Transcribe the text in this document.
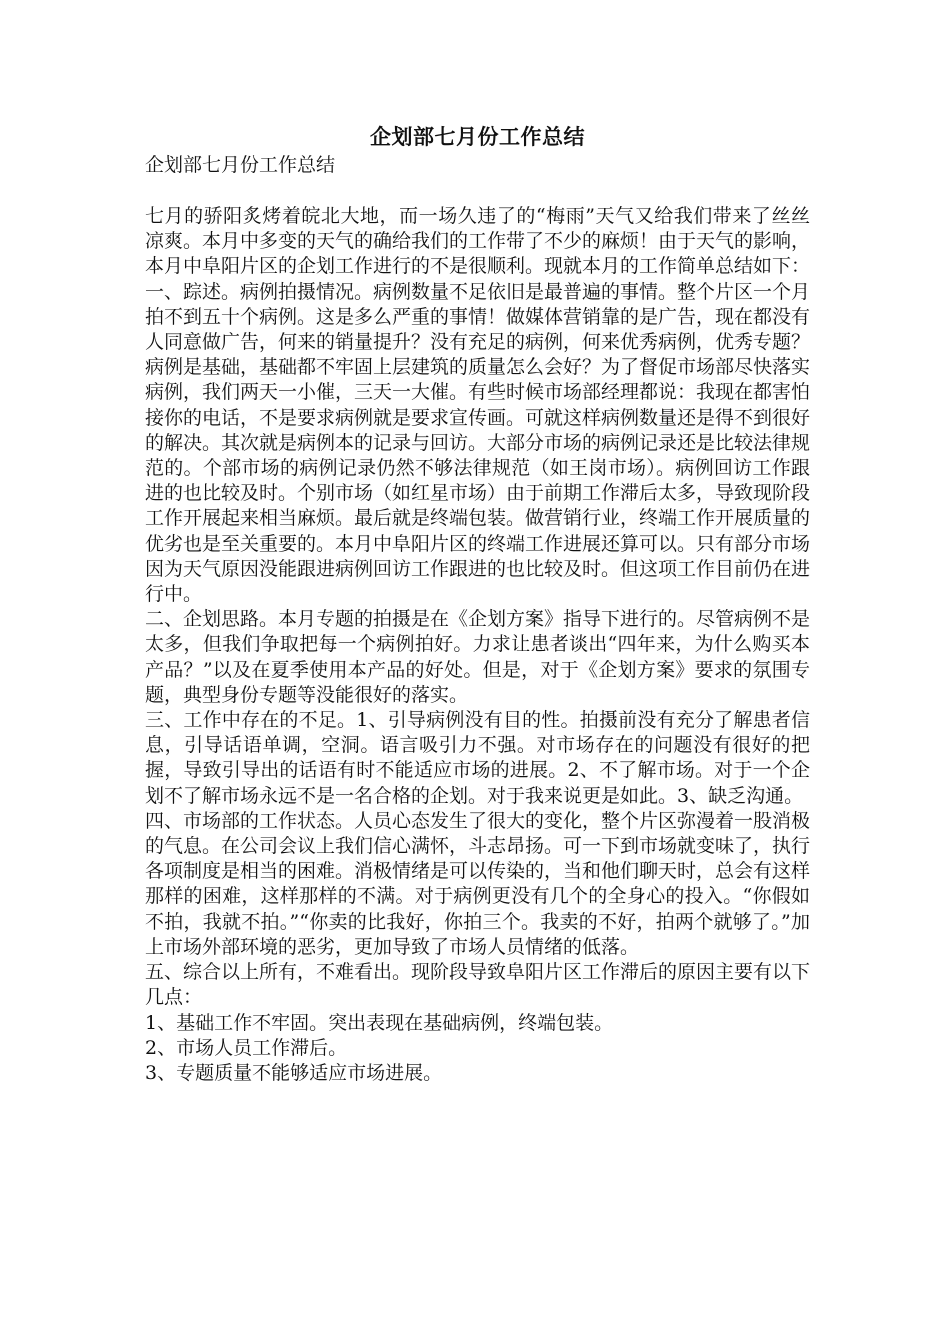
企划部七月份工作总结
企划部七月份工作总结

七月的骄阳炙烤着皖北大地，而一场久违了的“梅雨”天气又给我们带来了丝丝凉爽。本月中多变的天气的确给我们的工作带了不少的麻烦！由于天气的影响，本月中阜阳片区的企划工作进行的不是很顺利。现就本月的工作简单总结如下：

一、踪述。病例拍摄情况。病例数量不足依旧是最普遍的事情。整个片区一个月拍不到五十个病例。这是多么严重的事情！做媒体营销靠的是广告，现在都没有人同意做广告，何来的销量提升？没有充足的病例，何来优秀病例，优秀专题？病例是基础，基础都不牢固上层建筑的质量怎么会好？为了督促市场部尽快落实病例，我们两天一小催，三天一大催。有些时候市场部经理都说：我现在都害怕接你的电话，不是要求病例就是要求宣传画。可就这样病例数量还是得不到很好的解决。其次就是病例本的记录与回访。大部分市场的病例记录还是比较法律规范的。个部市场的病例记录仍然不够法律规范（如王岗市场）。病例回访工作跟进的也比较及时。个别市场（如红星市场）由于前期工作滞后太多，导致现阶段工作开展起来相当麻烦。最后就是终端包装。做营销行业，终端工作开展质量的优劣也是至关重要的。本月中阜阳片区的终端工作进展还算可以。只有部分市场因为天气原因没能跟进病例回访工作跟进的也比较及时。但这项工作目前仍在进行中。

二、企划思路。本月专题的拍摄是在《企划方案》指导下进行的。尽管病例不是太多，但我们争取把每一个病例拍好。力求让患者谈出“四年来，为什么购买本产品？”以及在夏季使用本产品的好处。但是，对于《企划方案》要求的氛围专题，典型身份专题等没能很好的落实。

三、工作中存在的不足。1、引导病例没有目的性。拍摄前没有充分了解患者信息，引导话语单调，空洞。语言吸引力不强。对市场存在的问题没有很好的把握，导致引导出的话语有时不能适应市场的进展。2、不了解市场。对于一个企划不了解市场永远不是一名合格的企划。对于我来说更是如此。3、缺乏沟通。

四、市场部的工作状态。人员心态发生了很大的变化，整个片区弥漫着一股消极的气息。在公司会议上我们信心满怀，斗志昂扬。可一下到市场就变味了，执行各项制度是相当的困难。消极情绪是可以传染的，当和他们聊天时，总会有这样那样的困难，这样那样的不满。对于病例更没有几个的全身心的投入。“你假如不拍，我就不拍。”“你卖的比我好，你拍三个。我卖的不好，拍两个就够了。”加上市场外部环境的恶劣，更加导致了市场人员情绪的低落。

五、综合以上所有，不难看出。现阶段导致阜阳片区工作滞后的原因主要有以下几点：

1、基础工作不牢固。突出表现在基础病例，终端包装。

2、市场人员工作滞后。

3、专题质量不能够适应市场进展。
